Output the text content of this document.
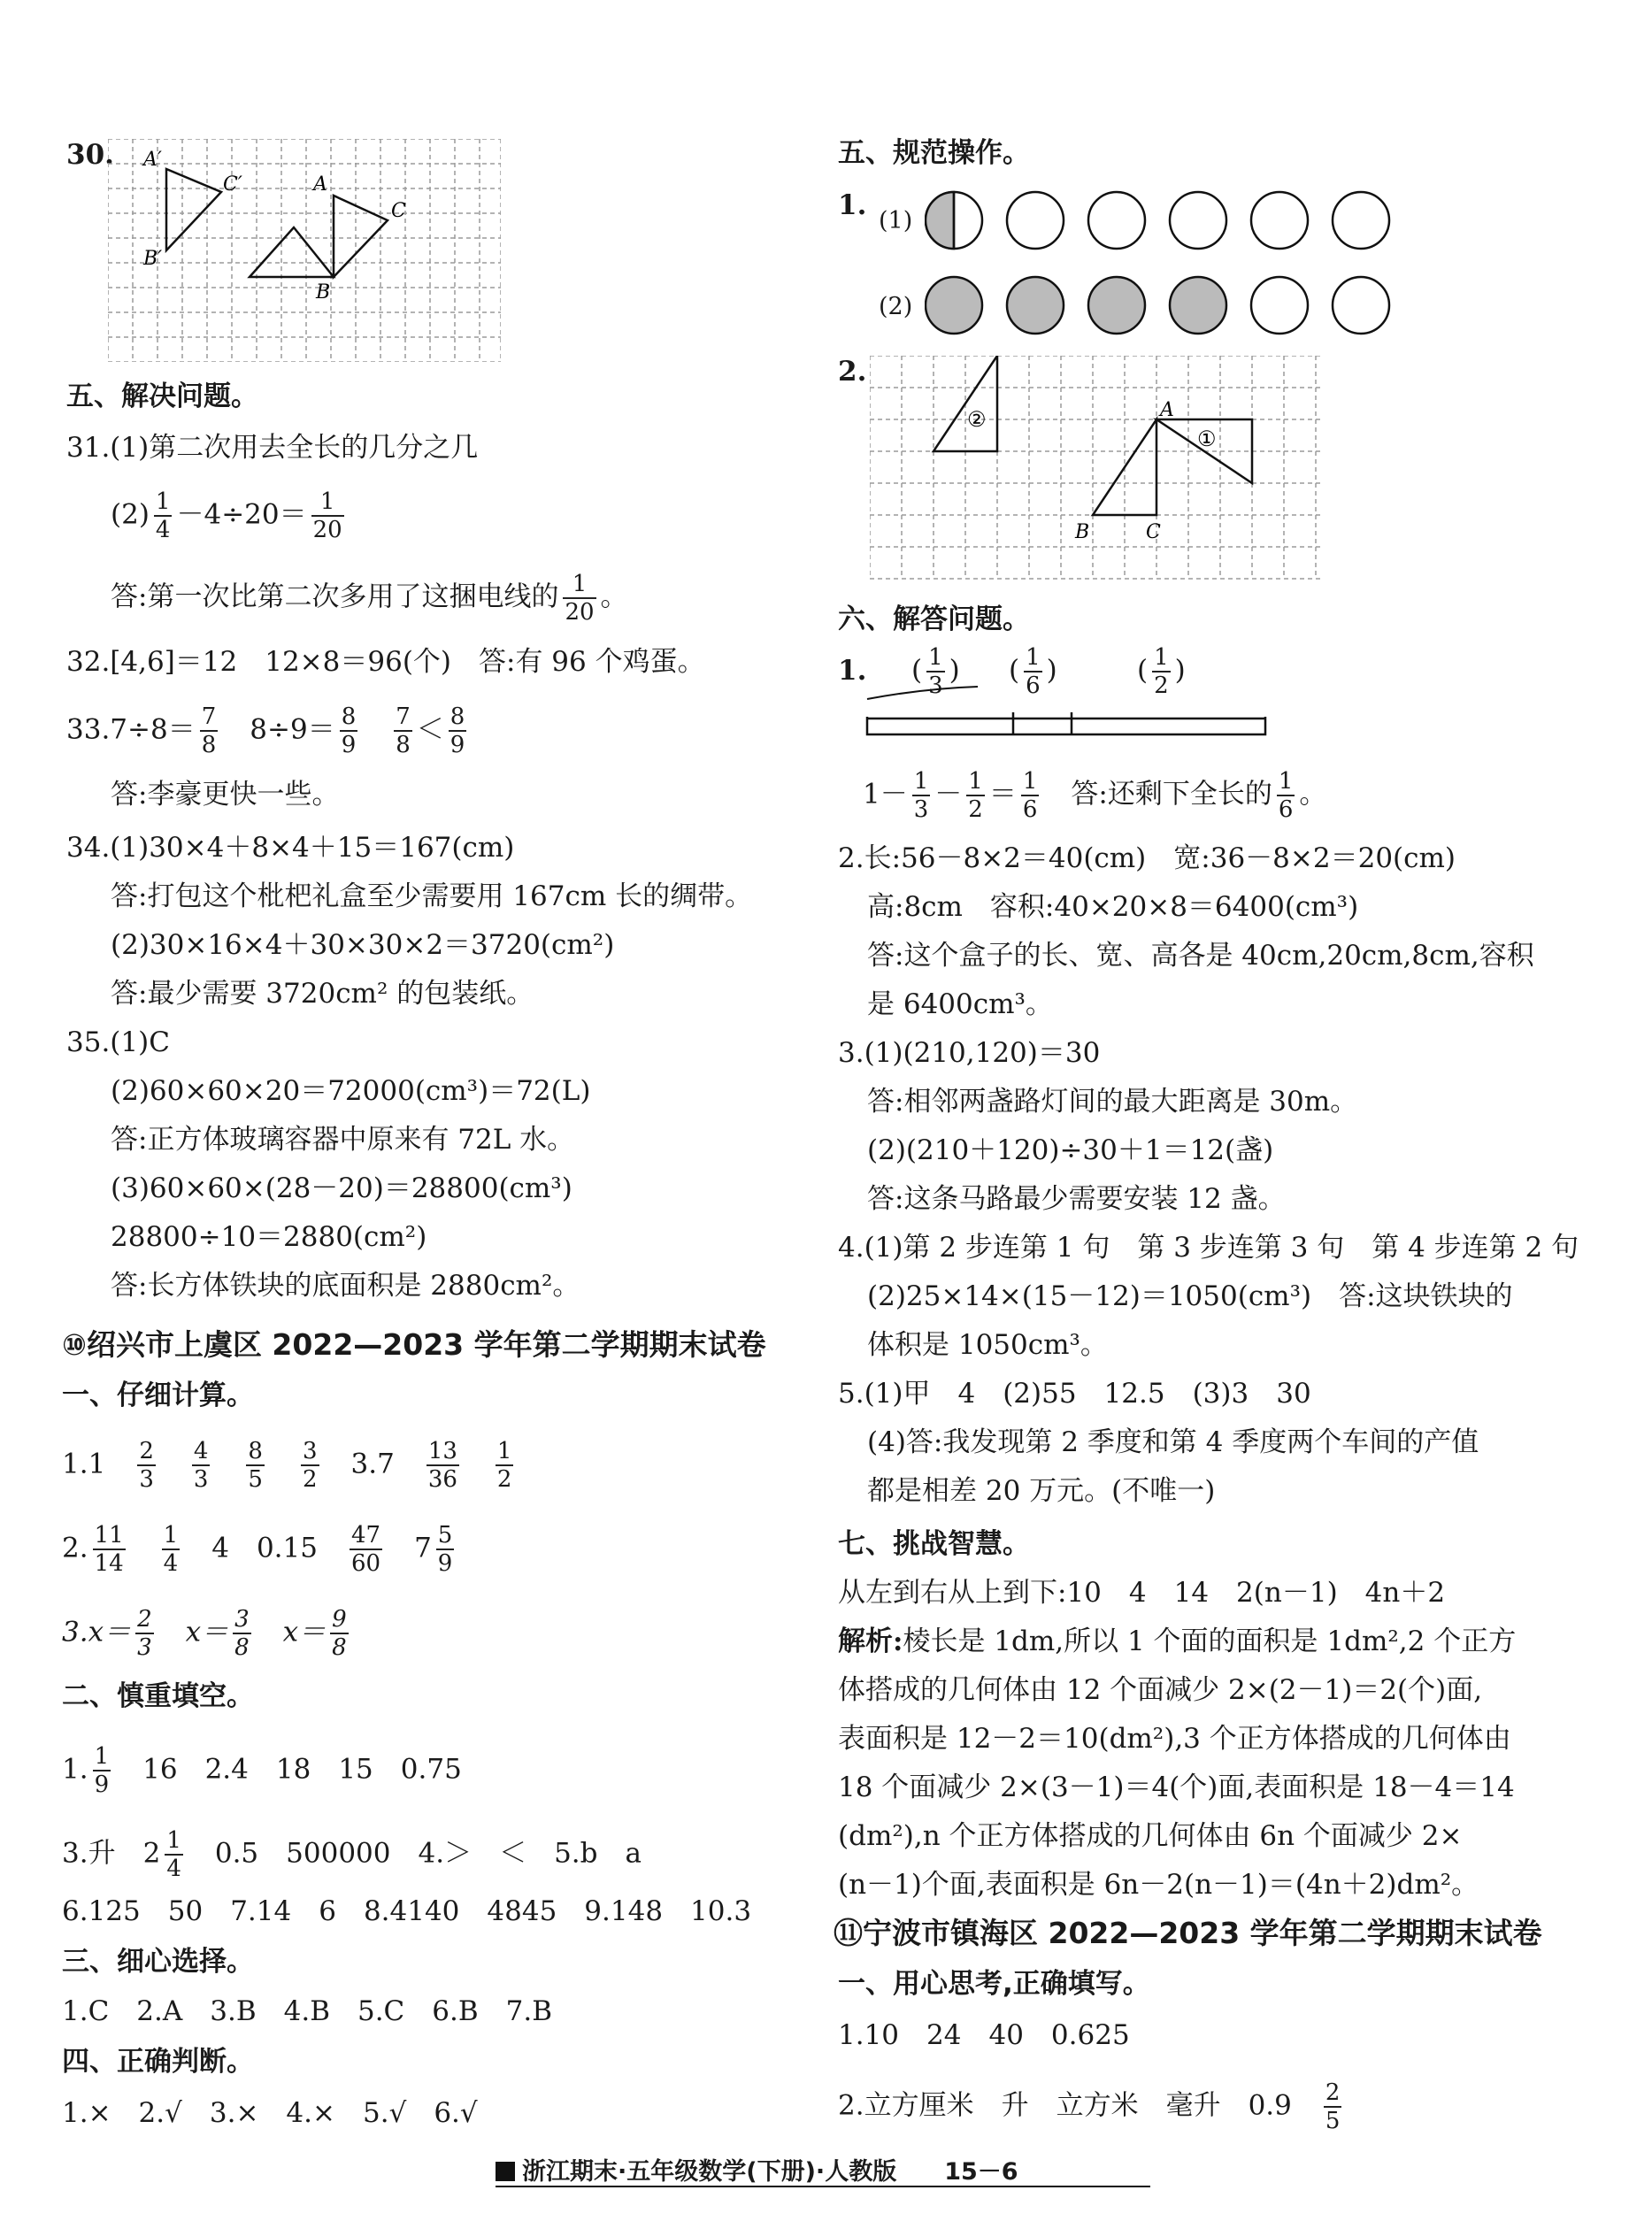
30. A′
C′
B′
A
C
B
五、解决问题。
31.(1)第二次用去全长的几分之几
$(2) \frac{1}{4} -4\div 20= \frac{1}{20}$
答:第一次比第二次多用了这捆电线的 $\frac{1}{20}$ 。
32.[4,6]＝12　12×8＝96(个)　答:有 96 个鸡蛋。
$33.7\div 8= \frac{7}{8}$ 　$8\div 9= \frac{8}{9}$
　 $\frac{7}{8} < \frac{8}{9}$
答:李豪更快一些。
34.(1)30×4＋8×4＋15＝167(cm)
答:打包这个枇杷礼盒至少需要用 167cm 长的绸带。
(2)30×16×4＋30×30×2＝3720(cm²)
答:最少需要 3720cm² 的包装纸。
35.(1)C
(2)60×60×20＝72000(cm³)＝72(L)
答:正方体玻璃容器中原来有 72L 水。
(3)60×60×(28－20)＝28800(cm³)
28800÷10＝2880(cm²)
答:长方体铁块的底面积是 2880cm²。
⑩绍兴市上虞区 2022—2023 学年第二学期期末试卷
一、仔细计算。
1.1　 $\frac{2}{3}$
　 $\frac{4}{3}$
　 $\frac{8}{5}$
　 $\frac{3}{2}$
　 3.7　 $\frac{13}{36}$
　 $\frac{1}{2}$
2. $\frac{11}{14}$
　 $\frac{1}{4}$
　 4　0.15　 $\frac{47}{60}$
　 $7 \frac{5}{9}$
$3.x= \frac{2}{3}$
　 $x= \frac{3}{8}$
　 $x= \frac{9}{8}$
二、慎重填空。
1. $\frac{1}{9}$
　 16　2.4　18　15　0.75
3.升　$2 \frac{1}{4}$
　 0.5　500000　4.＞　＜　5.b　a
6.125　50　7.14　6　8.4140　4845　9.148　10.3
三、细心选择。
1.C　2.A　3.B　4.B　5.C　6.B　7.B
四、正确判断。
1.×　2.√　3.×　4.×　5.√　6.√
五、规范操作。
1. (1)
(2)
2.
②
①
A
B	C
六、解答问题。
1. ( $\frac{1}{3}$ ) ( $\frac{1}{6}$ )	( $\frac{1}{2}$ )
$1- \frac{1}{3} - \frac{1}{2} = \frac{1}{6}$
　 答:还剩下全长的 $\frac{1}{6}$ 。
2.长:56－8×2＝40(cm)　宽:36－8×2＝20(cm)
高:8cm　容积:40×20×8＝6400(cm³)
答:这个盒子的长、宽、高各是 40cm,20cm,8cm,容积
是 6400cm³。
3.(1)(210,120)＝30
答:相邻两盏路灯间的最大距离是 30m。
(2)(210＋120)÷30＋1＝12(盏)
答:这条马路最少需要安装 12 盏。
4.(1)第 2 步连第 1 句　第 3 步连第 3 句　第 4 步连第 2 句
(2)25×14×(15－12)＝1050(cm³)　答:这块铁块的
体积是 1050cm³。
5.(1)甲　4　(2)55　12.5　(3)3　30
(4)答:我发现第 2 季度和第 4 季度两个车间的产值
都是相差 20 万元。(不唯一)
七、挑战智慧。
从左到右从上到下:10　4　14　2(n－1)　4n＋2
解析:棱长是 1dm,所以 1 个面的面积是 1dm²,2 个正方
体搭成的几何体由 12 个面减少 2×(2－1)＝2(个)面,
表面积是 12－2＝10(dm²),3 个正方体搭成的几何体由
18 个面减少 2×(3－1)＝4(个)面,表面积是 18－4＝14
(dm²),n 个正方体搭成的几何体由 6n 个面减少 2×
(n－1)个面,表面积是 6n－2(n－1)＝(4n＋2)dm²。
⑪宁波市镇海区 2022—2023 学年第二学期期末试卷
一、用心思考,正确填写。
1.10　24　40　0.625
2.立方厘米　升　立方米　毫升　0.9　 $\frac{2}{5}$
浙江期末·五年级数学(下册)·人教版　　 15－6
